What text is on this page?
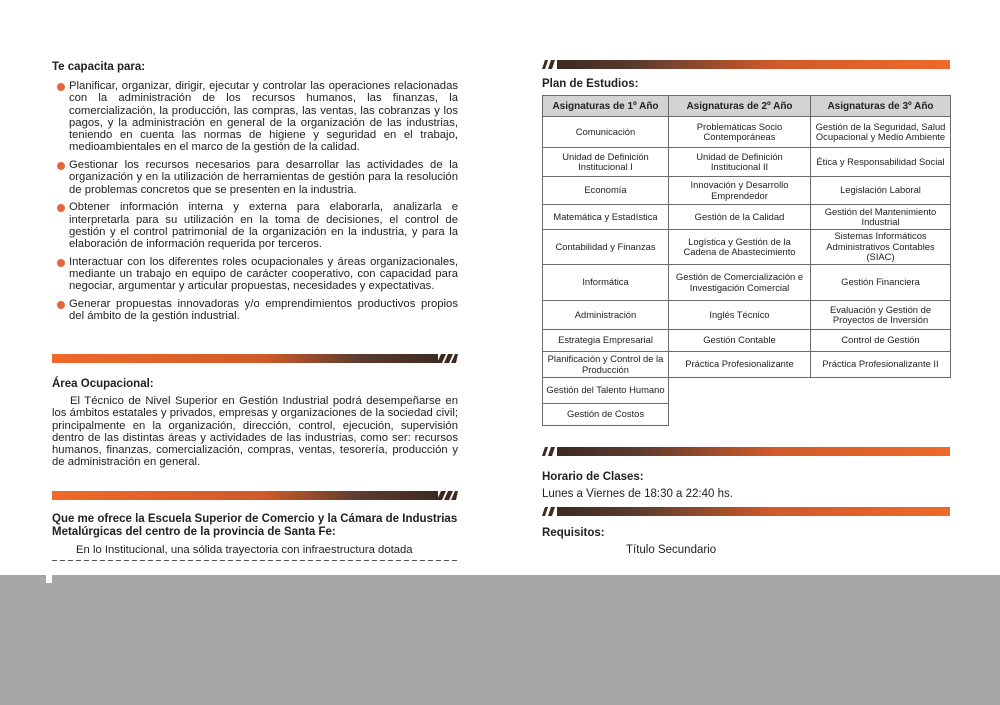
Te capacita para:
Planificar, organizar, dirigir, ejecutar y controlar las operaciones relacionadas con la administración de los recursos humanos, las finanzas, la comercialización, la producción, las compras, las ventas, las cobranzas y los pagos, y la administración en general de la organización de las industrias, teniendo en cuenta las normas de higiene y seguridad en el trabajo, medioambientales en el marco de la gestión de la calidad.
Gestionar los recursos necesarios para desarrollar las actividades de la organización y en la utilización de herramientas de gestión para la resolución de problemas concretos que se presenten en la industria.
Obtener información interna y externa para elaborarla, analizarla e interpretarla para su utilización en la toma de decisiones, el control de gestión y el control patrimonial de la organización en la industria, y para la elaboración de información requerida por terceros.
Interactuar con los diferentes roles ocupacionales y áreas organizacionales, mediante un trabajo en equipo de carácter cooperativo, con capacidad para negociar, argumentar y articular propuestas, necesidades y expectativas.
Generar propuestas innovadoras y/o emprendimientos productivos propios del ámbito de la gestión industrial.
Área Ocupacional:
El Técnico de Nivel Superior en Gestión Industrial podrá desempeñarse en los ámbitos estatales y privados, empresas y organizaciones de la sociedad civil; principalmente en la organización, dirección, control, ejecución, supervisión dentro de las distintas áreas y actividades de las industrias, como ser: recursos humanos, finanzas, comercialización, compras, ventas, tesorería, producción y de administración en general.
Que me ofrece la Escuela Superior de Comercio y la Cámara de Industrias Metalúrgicas del centro de la provincia de Santa Fe:
En lo Institucional, una sólida trayectoria con infraestructura dotada
Plan de Estudios:
Asignaturas de 1º Año	Asignaturas de 2º Año	Asignaturas de 3º Año
Comunicación	Problemáticas Socio Contemporáneas	Gestión de la Seguridad, Salud Ocupacional y Medio Ambiente
Unidad de Definición Institucional I	Unidad de Definición Institucional II	Ética y Responsabilidad Social
Economía	Innovación y Desarrollo Emprendedor	Legislación Laboral
Matemática y Estadística	Gestión de la Calidad	Gestión del Mantenimiento Industrial
Contabilidad y Finanzas	Logística y Gestión de la Cadena de Abastecimiento	Sistemas Informáticos Administrativos Contables (SIAC)
Informática	Gestión de Comercialización e Investigación Comercial	Gestión Financiera
Administración	Inglés Técnico	Evaluación y Gestión de Proyectos de Inversión
Estrategia Empresarial	Gestión Contable	Control de Gestión
Planificación y Control de la Producción	Práctica Profesionalizante	Práctica Profesionalizante II
Gestión del Talento Humano		
Gestión de Costos		
Horario de Clases:
Lunes a Viernes de 18:30 a 22:40 hs.
Requisitos:
Título Secundario
